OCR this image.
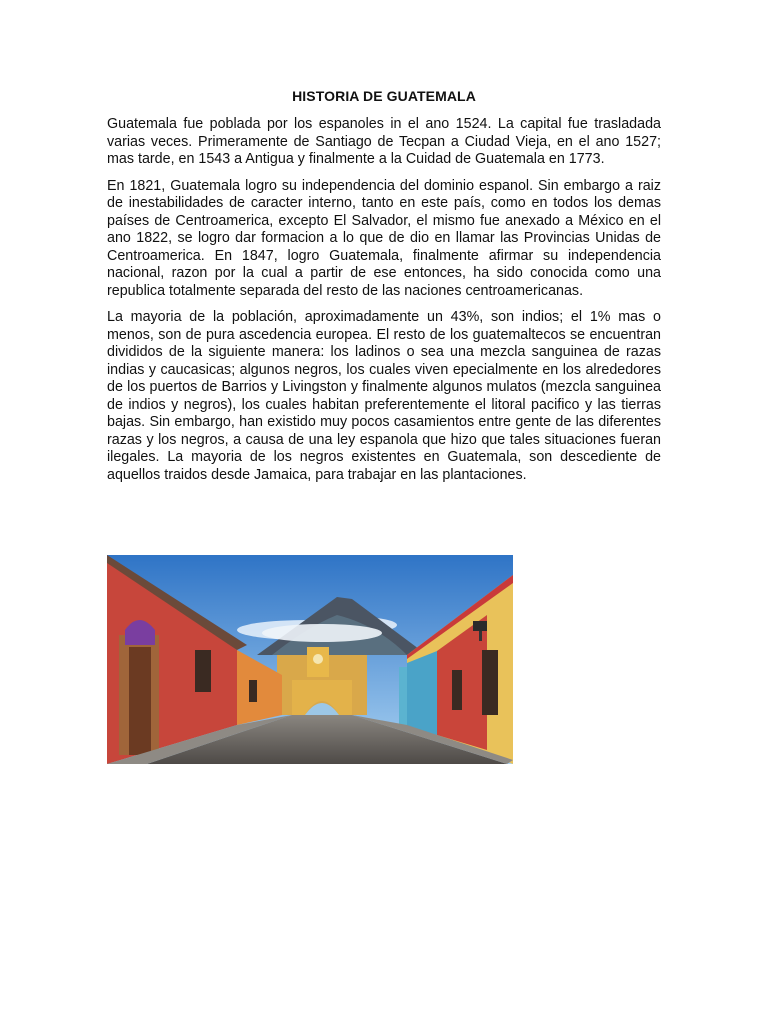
HISTORIA DE GUATEMALA

Guatemala fue poblada por los espanoles in el ano 1524. La capital fue trasladada varias veces. Primeramente de Santiago de Tecpan a Ciudad Vieja, en el ano 1527; mas tarde, en 1543 a Antigua y finalmente a la Cuidad de Guatemala en 1773.

En 1821, Guatemala logro su independencia del dominio espanol. Sin embargo a raiz de inestabilidades de caracter interno, tanto en este país, como en todos los demas países de Centroamerica, excepto El Salvador, el mismo fue anexado a México en el ano 1822, se logro dar formacion a lo que de dio en llamar las Provincias Unidas de Centroamerica. En 1847, logro Guatemala, finalmente afirmar su independencia nacional, razon por la cual a partir de ese entonces, ha sido conocida como una republica totalmente separada del resto de las naciones centroamericanas.

La mayoria de la población, aproximadamente un 43%, son indios; el 1% mas o menos, son de pura ascedencia europea. El resto de los guatemaltecos se encuentran divididos de la siguiente manera: los ladinos o sea una mezcla sanguinea de razas indias y caucasicas; algunos negros, los cuales viven epecialmente en los alrededores de los puertos de Barrios y Livingston y finalmente algunos mulatos (mezcla sanguinea de indios y negros), los cuales habitan preferentemente el litoral pacifico y las tierras bajas. Sin embargo, han existido muy pocos casamientos entre gente de las diferentes razas y los negros, a causa de una ley espanola que hizo que tales situaciones fueran ilegales. La mayoria de los negros existentes en Guatemala, son descediente de aquellos traidos desde Jamaica, para trabajar en las plantaciones.
